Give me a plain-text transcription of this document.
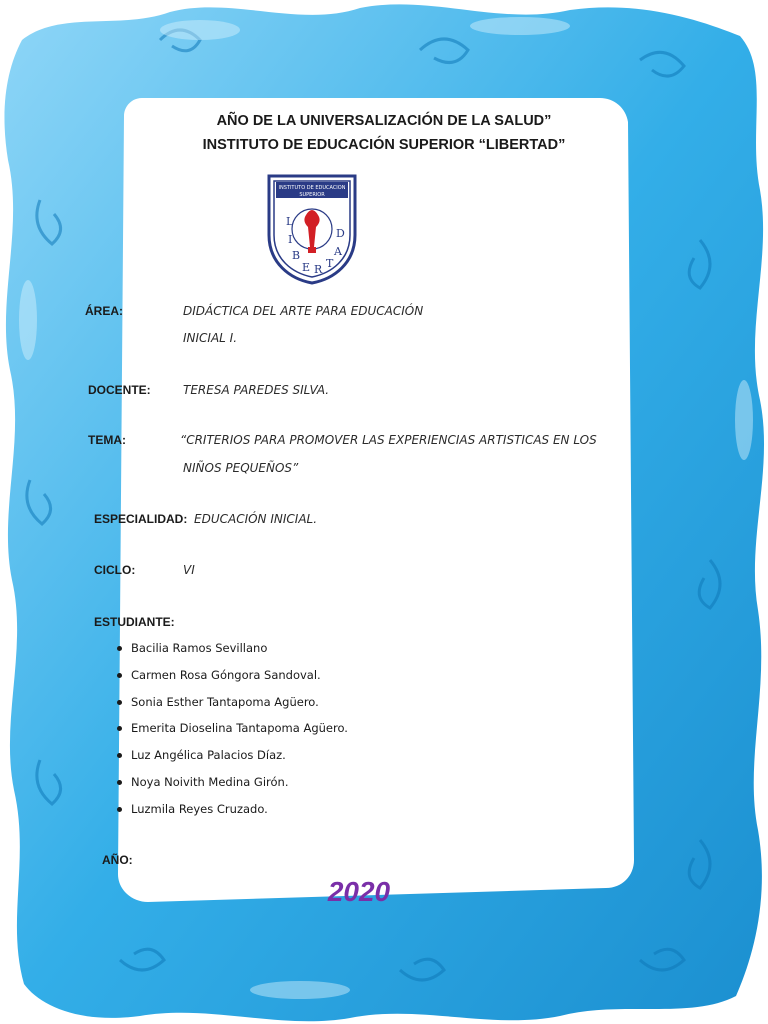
AÑO DE LA UNIVERSALIZACIÓN DE LA SALUD”
INSTITUTO DE EDUCACIÓN SUPERIOR “LIBERTAD”
INSTITUTO DE EDUCACION
SUPERIOR
L
I
B
E R T
A
D
ÁREA:	DIDÁCTICA DEL ARTE PARA EDUCACIÓN
INICIAL I.
DOCENTE:	TERESA PAREDES SILVA.
TEMA:	“CRITERIOS PARA PROMOVER LAS EXPERIENCIAS ARTISTICAS EN LOS
NIÑOS PEQUEÑOS”
ESPECIALIDAD: EDUCACIÓN INICIAL.
CICLO:	VI
ESTUDIANTE:
Bacilia Ramos Sevillano
Carmen Rosa Góngora Sandoval.
Sonia Esther Tantapoma Agüero.
Emerita Dioselina Tantapoma Agüero.
Luz Angélica Palacios Díaz.
Noya Noivith Medina Girón.
Luzmila Reyes Cruzado.
AÑO:
2020
